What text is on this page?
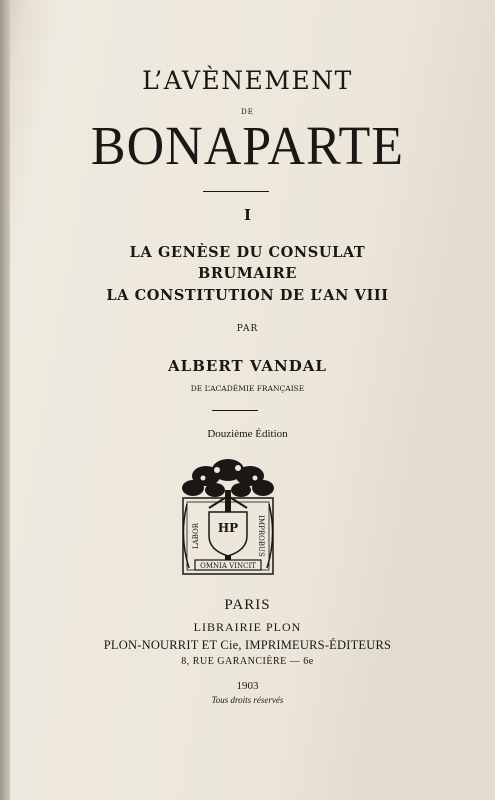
L’AVÈNEMENT
DE
BONAPARTE
I
LA GENÈSE DU CONSULAT
BRUMAIRE
LA CONSTITUTION DE L’AN VIII
PAR
ALBERT VANDAL
DE L’ACADÉMIE FRANÇAISE
Douzième Édition
HP
LABOR	IMPROBUS
OMNIA VINCIT
PARIS
LIBRAIRIE PLON
PLON-NOURRIT ET Cie, IMPRIMEURS-ÉDITEURS
8, RUE GARANCIÈRE — 6e
1903
Tous droits réservés
